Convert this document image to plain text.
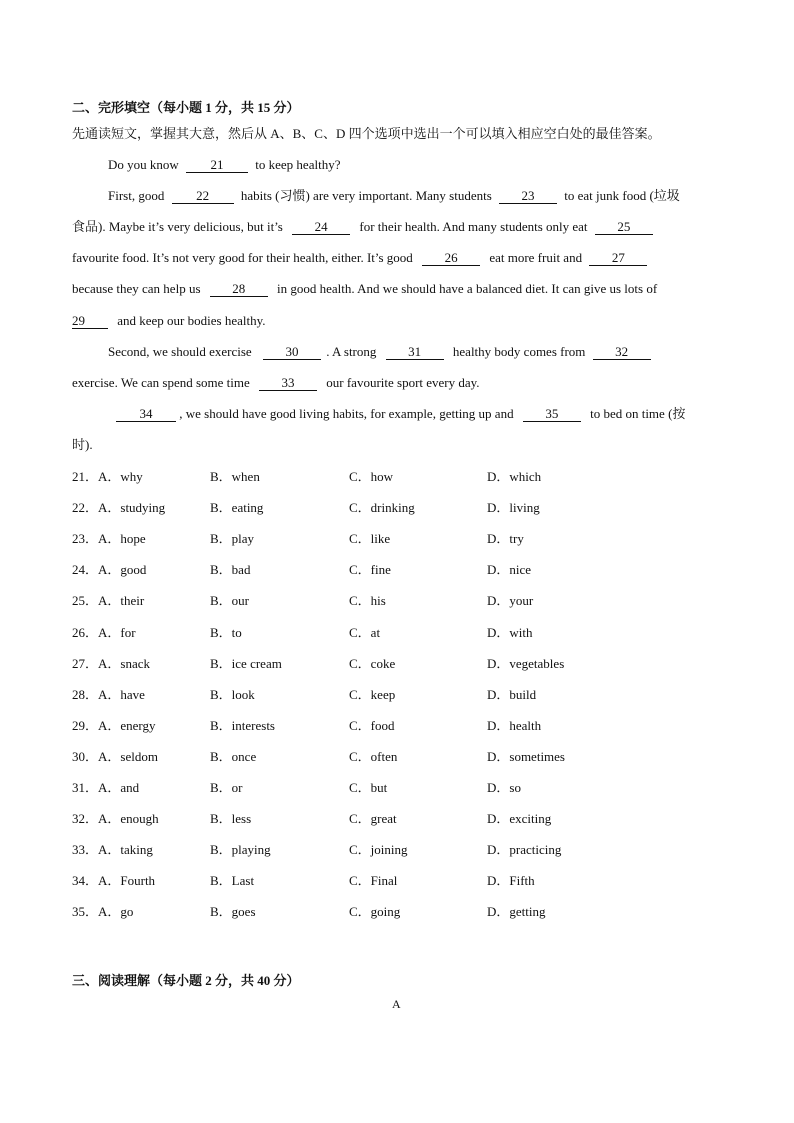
二、完形填空（每小题 1 分，共 15 分）
先通读短文，掌握其大意，然后从 A、B、C、D 四个选项中选出一个可以填入相应空白处的最佳答案。
Do you know 21 to keep healthy?
First, good 22 habits (习惯) are very important. Many students 23 to eat junk food (垃圾
食品). Maybe it’s very delicious, but it’s 24 for their health. And many students only eat 25
favourite food. It’s not very good for their health, either. It’s good 26 eat more fruit and 27
because they can help us 28 in good health. And we should have a balanced diet. It can give us lots of
29 and keep our bodies healthy.
Second, we should exercise	30 . A strong 31 healthy body comes from 32
exercise. We can spend some time 33 our favourite sport every day.
34 , we should have good living habits, for example, getting up and 35 to bed on time (按
时).
21． A．why	B．when	C．how	D．which
22． A．studying	B．eating	C．drinking	D．living
23． A．hope	B．play	C．like	D．try
24． A．good	B．bad	C．fine	D．nice
25． A．their	B．our	C．his	D．your
26． A．for	B．to	C．at	D．with
27． A．snack	B．ice cream	C．coke	D．vegetables
28． A．have	B．look	C．keep	D．build
29． A．energy	B．interests	C．food	D．health
30． A．seldom	B．once	C．often	D．sometimes
31． A．and	B．or	C．but	D．so
32． A．enough	B．less	C．great	D．exciting
33． A．taking	B．playing	C．joining	D．practicing
34． A．Fourth	B．Last	C．Final	D．Fifth
35． A．go	B．goes	C．going	D．getting
三、阅读理解（每小题 2 分，共 40 分）
A
